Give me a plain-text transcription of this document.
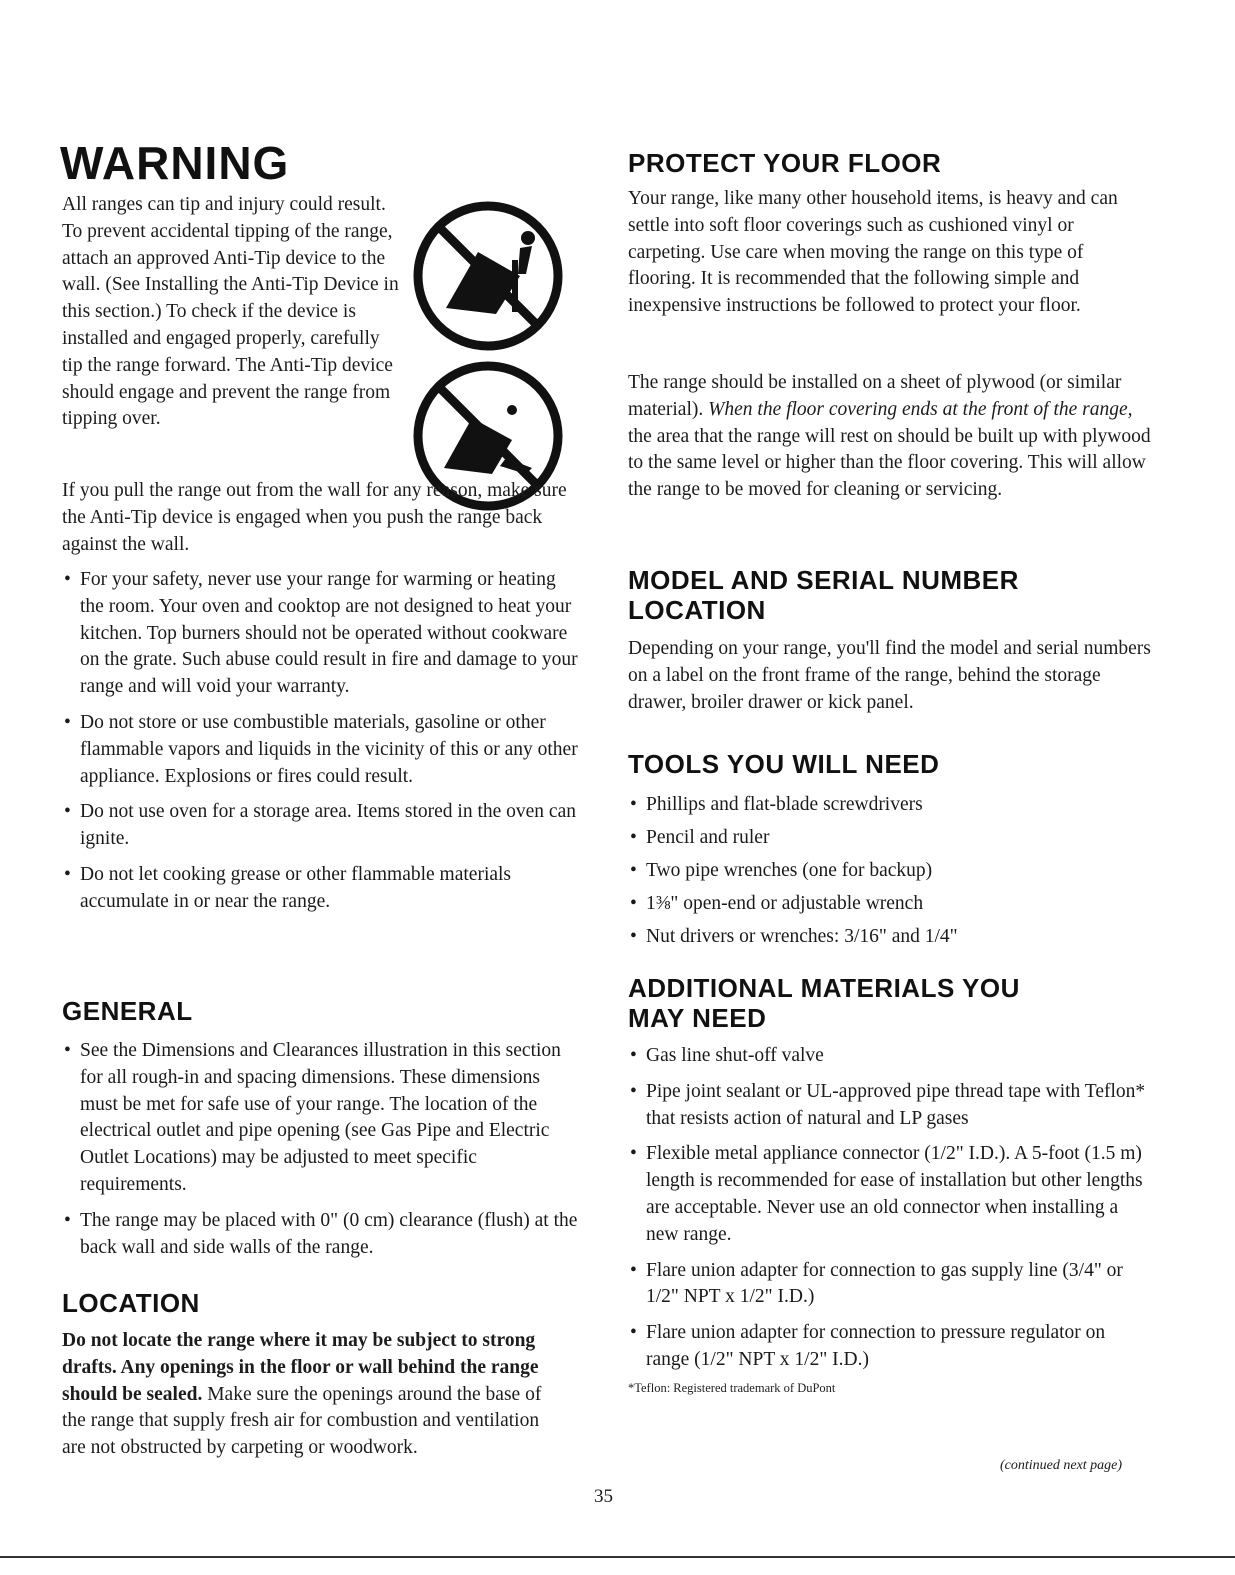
WARNING

All ranges can tip and injury could result. To prevent accidental tipping of the range, attach an approved Anti-Tip device to the wall. (See Installing the Anti-Tip Device in this section.) To check if the device is installed and engaged properly, carefully tip the range forward. The Anti-Tip device should engage and prevent the range from tipping over.

If you pull the range out from the wall for any reason, make sure the Anti-Tip device is engaged when you push the range back against the wall.

• For your safety, never use your range for warming or heating the room. Your oven and cooktop are not designed to heat your kitchen. Top burners should not be operated without cookware on the grate. Such abuse could result in fire and damage to your range and will void your warranty.
• Do not store or use combustible materials, gasoline or other flammable vapors and liquids in the vicinity of this or any other appliance. Explosions or fires could result.
• Do not use oven for a storage area. Items stored in the oven can ignite.
• Do not let cooking grease or other flammable materials accumulate in or near the range.
GENERAL
• See the Dimensions and Clearances illustration in this section for all rough-in and spacing dimensions. These dimensions must be met for safe use of your range. The location of the electrical outlet and pipe opening (see Gas Pipe and Electric Outlet Locations) may be adjusted to meet specific requirements.
• The range may be placed with 0" (0 cm) clearance (flush) at the back wall and side walls of the range.
LOCATION

Do not locate the range where it may be subject to strong drafts. Any openings in the floor or wall behind the range should be sealed. Make sure the openings around the base of the range that supply fresh air for combustion and ventilation are not obstructed by carpeting or woodwork.

PROTECT YOUR FLOOR

Your range, like many other household items, is heavy and can settle into soft floor coverings such as cushioned vinyl or carpeting. Use care when moving the range on this type of flooring. It is recommended that the following simple and inexpensive instructions be followed to protect your floor.

The range should be installed on a sheet of plywood (or similar material). When the floor covering ends at the front of the range, the area that the range will rest on should be built up with plywood to the same level or higher than the floor covering. This will allow the range to be moved for cleaning or servicing.

MODEL AND SERIAL NUMBER
LOCATION

Depending on your range, you'll find the model and serial numbers on a label on the front frame of the range, behind the storage drawer, broiler drawer or kick panel.

TOOLS YOU WILL NEED
• Phillips and flat-blade screwdrivers
• Pencil and ruler
• Two pipe wrenches (one for backup)
• 1⅜" open-end or adjustable wrench
• Nut drivers or wrenches: 3/16" and 1/4"
ADDITIONAL MATERIALS YOU
MAY NEED
• Gas line shut-off valve
• Pipe joint sealant or UL-approved pipe thread tape with Teflon* that resists action of natural and LP gases
• Flexible metal appliance connector (1/2" I.D.). A 5-foot (1.5 m) length is recommended for ease of installation but other lengths are acceptable. Never use an old connector when installing a new range.
• Flare union adapter for connection to gas supply line (3/4" or 1/2" NPT x 1/2" I.D.)
• Flare union adapter for connection to pressure regulator on range (1/2" NPT x 1/2" I.D.)

*Teflon: Registered trademark of DuPont

(continued next page)

35
